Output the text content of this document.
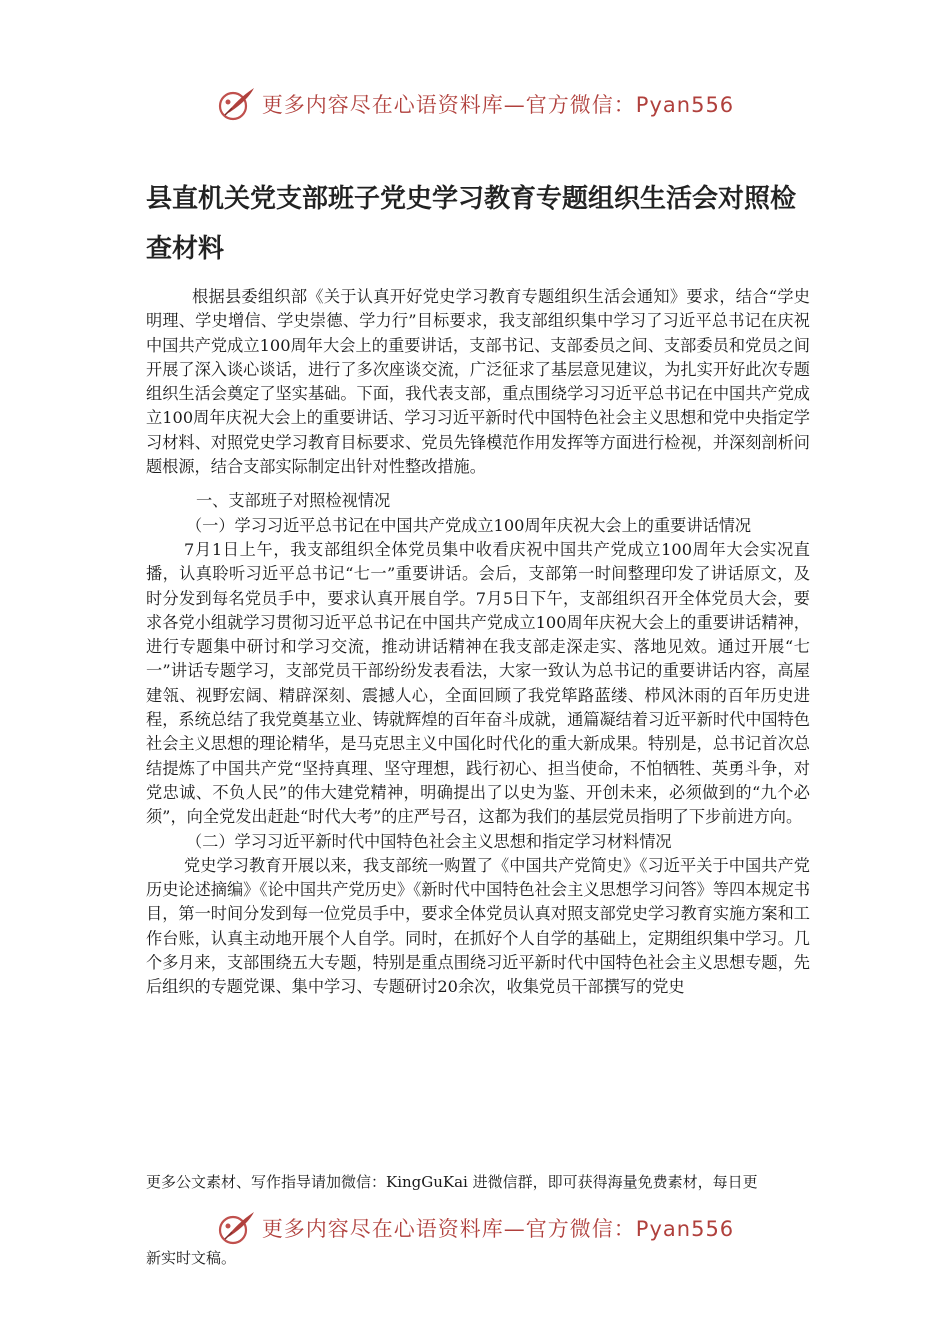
更多内容尽在心语资料库—官方微信：Pyan556
县直机关党支部班子党史学习教育专题组织生活会对照检查材料

根据县委组织部《关于认真开好党史学习教育专题组织生活会通知》要求，结合“学史明理、学史增信、学史崇德、学力行”目标要求，我支部组织集中学习了习近平总书记在庆祝中国共产党成立100周年大会上的重要讲话，支部书记、支部委员之间、支部委员和党员之间开展了深入谈心谈话，进行了多次座谈交流，广泛征求了基层意见建议，为扎实开好此次专题组织生活会奠定了坚实基础。下面，我代表支部，重点围绕学习习近平总书记在中国共产党成立100周年庆祝大会上的重要讲话、学习习近平新时代中国特色社会主义思想和党中央指定学习材料、对照党史学习教育目标要求、党员先锋模范作用发挥等方面进行检视，并深刻剖析问题根源，结合支部实际制定出针对性整改措施。

一、支部班子对照检视情况

（一）学习习近平总书记在中国共产党成立100周年庆祝大会上的重要讲话情况

7月1日上午，我支部组织全体党员集中收看庆祝中国共产党成立100周年大会实况直播，认真聆听习近平总书记“七一”重要讲话。会后，支部第一时间整理印发了讲话原文，及时分发到每名党员手中，要求认真开展自学。7月5日下午，支部组织召开全体党员大会，要求各党小组就学习贯彻习近平总书记在中国共产党成立100周年庆祝大会上的重要讲话精神，进行专题集中研讨和学习交流，推动讲话精神在我支部走深走实、落地见效。通过开展“七一”讲话专题学习，支部党员干部纷纷发表看法，大家一致认为总书记的重要讲话内容，高屋建瓴、视野宏阔、精辟深刻、震撼人心，全面回顾了我党筚路蓝缕、栉风沐雨的百年历史进程，系统总结了我党奠基立业、铸就辉煌的百年奋斗成就，通篇凝结着习近平新时代中国特色社会主义思想的理论精华，是马克思主义中国化时代化的重大新成果。特别是，总书记首次总结提炼了中国共产党“坚持真理、坚守理想，践行初心、担当使命，不怕牺牲、英勇斗争，对党忠诚、不负人民”的伟大建党精神，明确提出了以史为鉴、开创未来，必须做到的“九个必须”，向全党发出赶赴“时代大考”的庄严号召，这都为我们的基层党员指明了下步前进方向。

（二）学习习近平新时代中国特色社会主义思想和指定学习材料情况

党史学习教育开展以来，我支部统一购置了《中国共产党简史》《习近平关于中国共产党历史论述摘编》《论中国共产党历史》《新时代中国特色社会主义思想学习问答》等四本规定书目，第一时间分发到每一位党员手中，要求全体党员认真对照支部党史学习教育实施方案和工作台账，认真主动地开展个人自学。同时，在抓好个人自学的基础上，定期组织集中学习。几个多月来，支部围绕五大专题，特别是重点围绕习近平新时代中国特色社会主义思想专题，先后组织的专题党课、集中学习、专题研讨20余次，收集党员干部撰写的党史

更多公文素材、写作指导请加微信：KingGuKai 进微信群，即可获得海量免费素材，每日更
更多内容尽在心语资料库—官方微信：Pyan556
新实时文稿。
